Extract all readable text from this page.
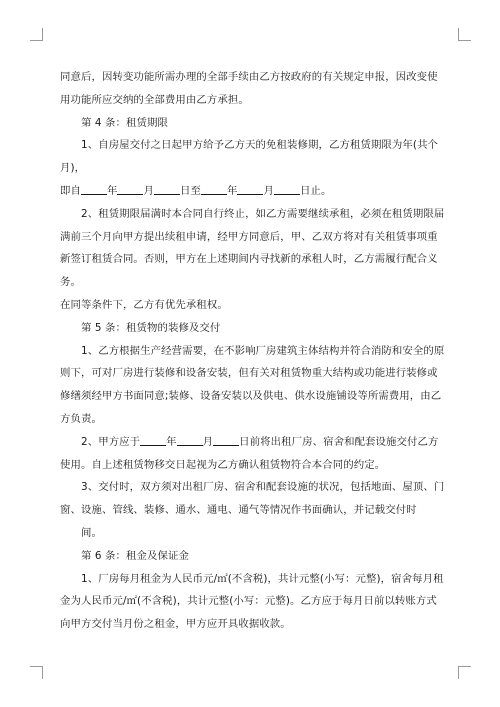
同意后，因转变功能所需办理的全部手续由乙方按政府的有关规定申报，因改变使用功能所应交纳的全部费用由乙方承担。

第 4 条：租赁期限

1、自房屋交付之日起甲方给予乙方天的免租装修期，乙方租赁期限为年(共个月)，

即自	年	月	日至	年	月	日止。

2、租赁期限届满时本合同自行终止，如乙方需要继续承租，必须在租赁期限届满前三个月向甲方提出续租申请，经甲方同意后，甲、乙双方将对有关租赁事项重新签订租赁合同。否则，甲方在上述期间内寻找新的承租人时，乙方需履行配合义务。

在同等条件下，乙方有优先承租权。

第 5 条：租赁物的装修及交付

1、乙方根据生产经营需要，在不影响厂房建筑主体结构并符合消防和安全的原则下，可对厂房进行装修和设备安装，但有关对租赁物重大结构或功能进行装修或修缮须经甲方书面同意;装修、设备安装以及供电、供水设施铺设等所需费用，由乙方负责。

2、甲方应于	年	月	日前将出租厂房、宿舍和配套设施交付乙方使用。自上述租赁物移交日起视为乙方确认租赁物符合本合同的约定。

3、交付时，双方须对出租厂房、宿舍和配套设施的状况，包括地面、屋顶、门窗、设施、管线、装修、通水、通电、通气等情况作书面确认，并记载交付时

间。

第 6 条：租金及保证金

1、厂房每月租金为人民币元/㎡(不含税)，共计元整(小写：元整)，宿舍每月租金为人民币元/㎡(不含税)，共计元整(小写：元整)。乙方应于每月日前以转账方式向甲方交付当月份之租金，甲方应开具收据收款。
